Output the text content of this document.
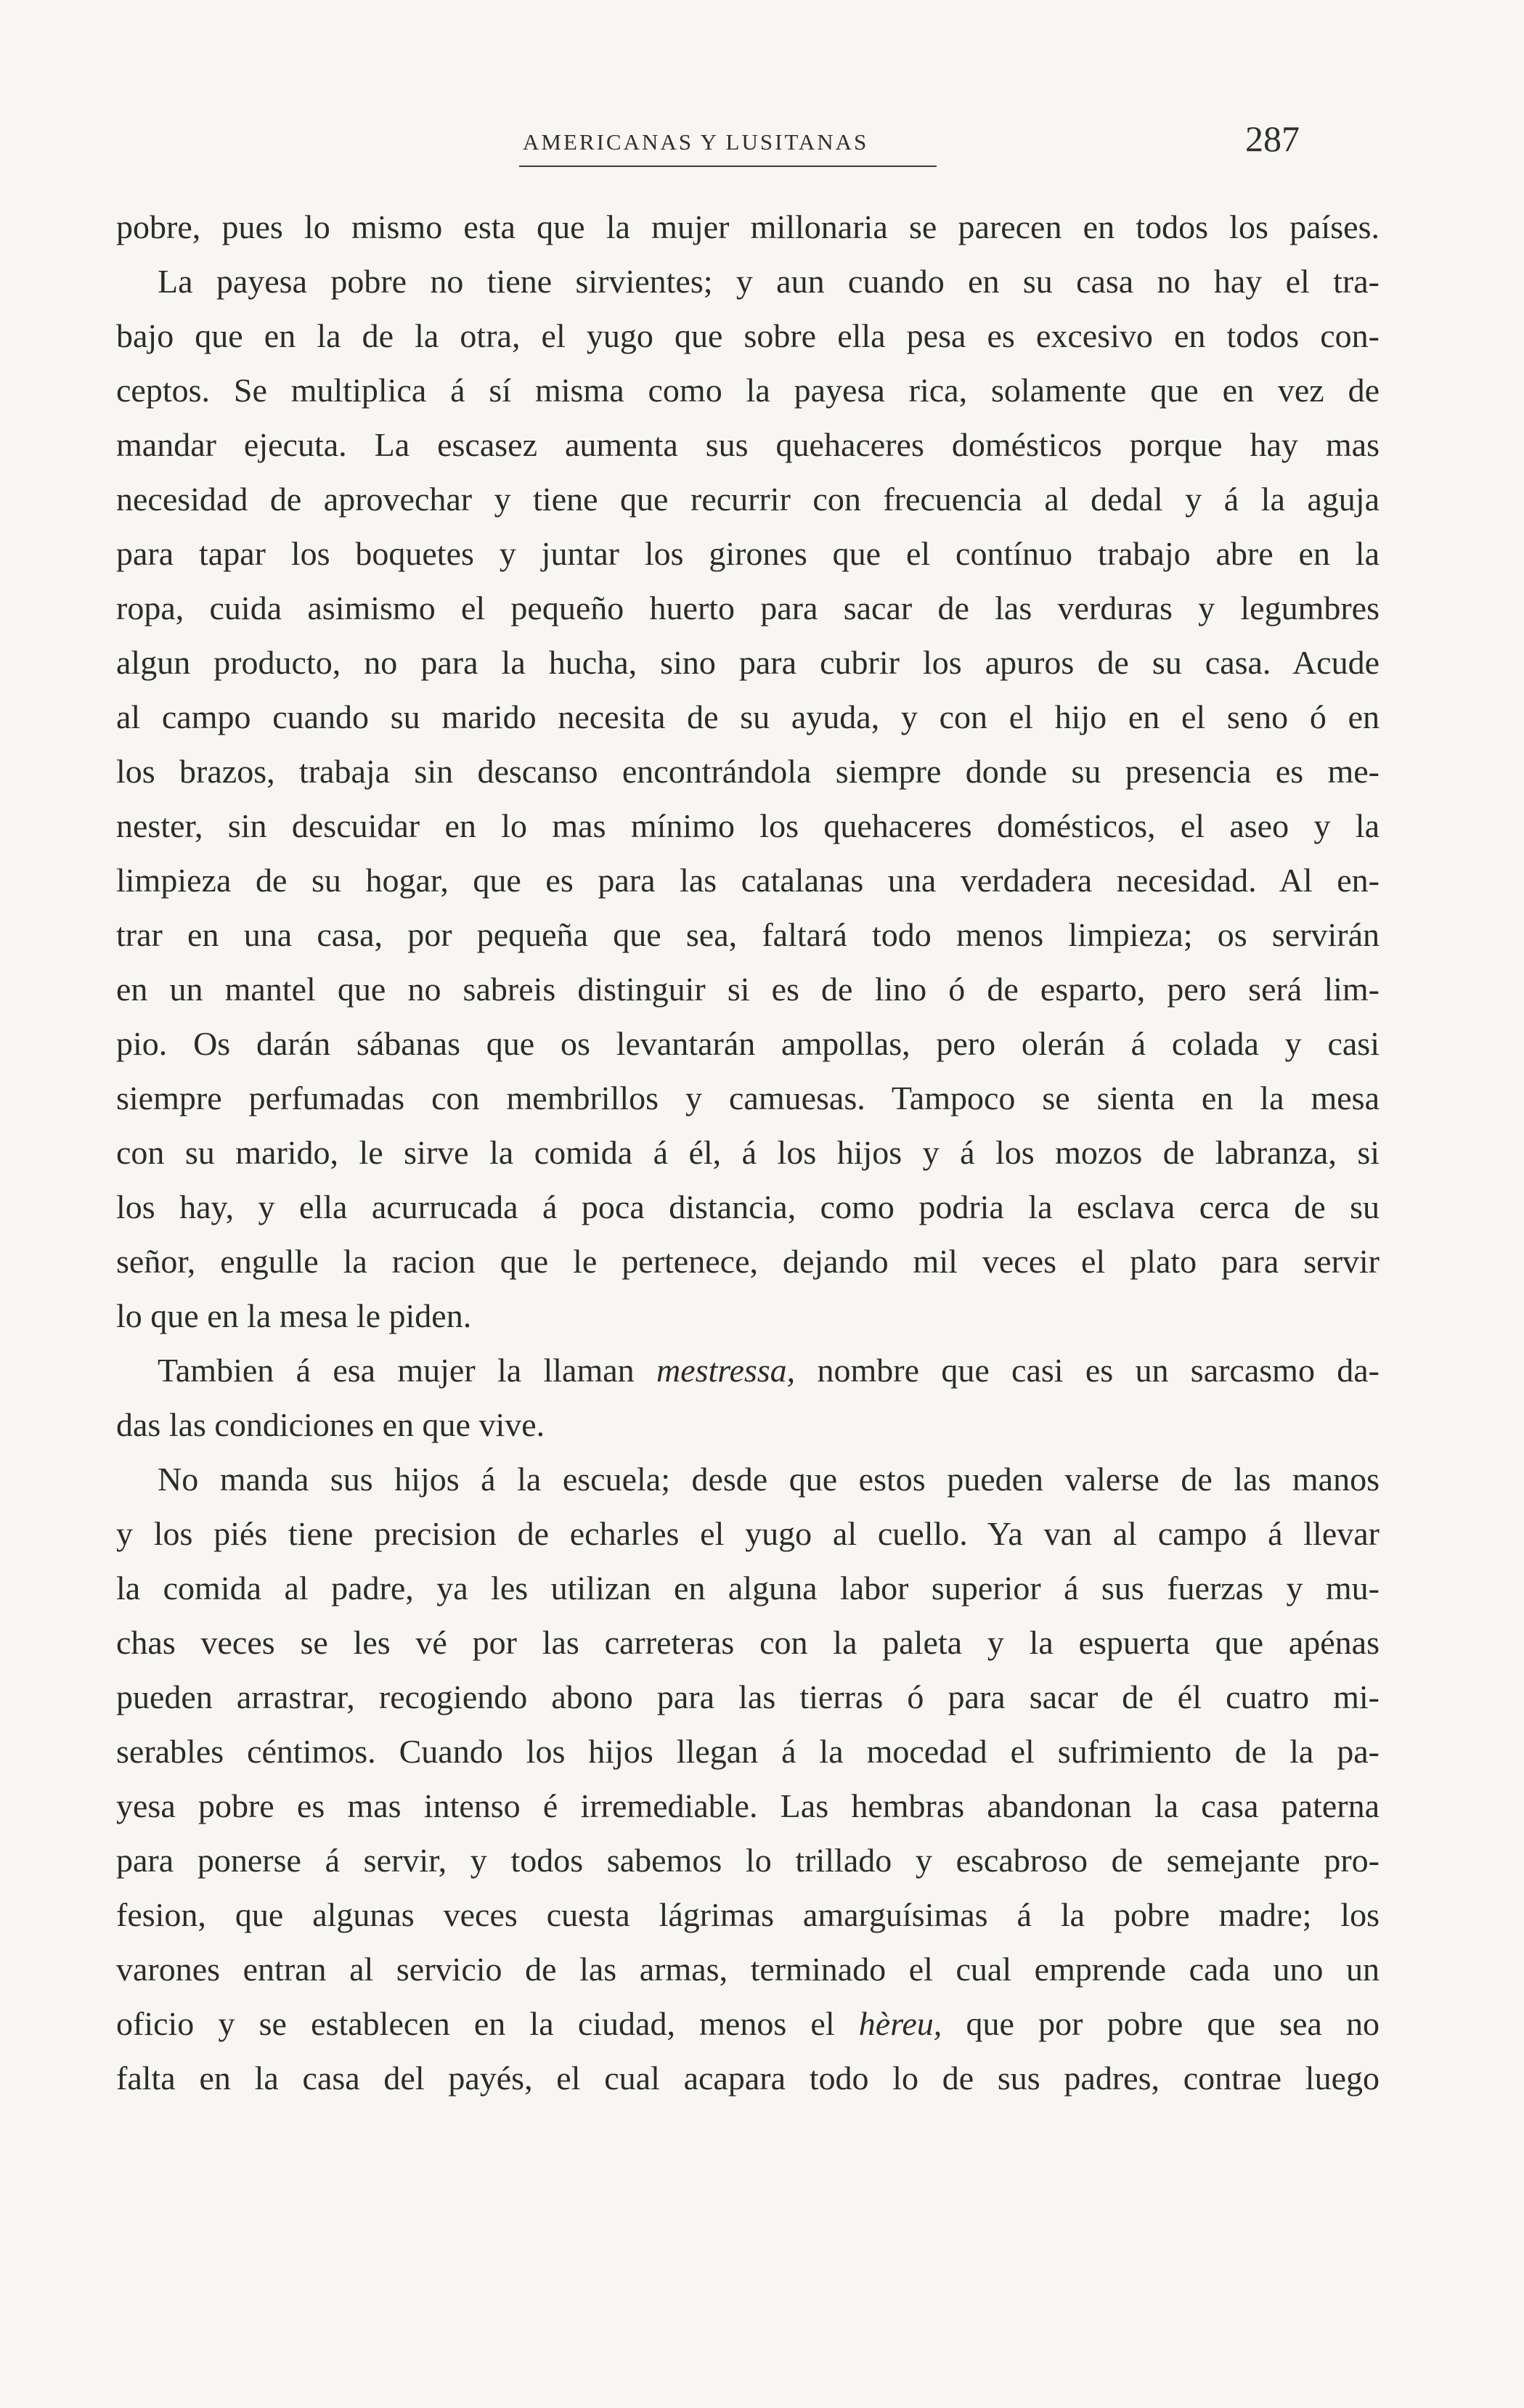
AMERICANAS Y LUSITANAS	287
pobre, pues lo mismo esta que la mujer millonaria se parecen en todos los países.
La payesa pobre no tiene sirvientes; y aun cuando en su casa no hay el tra-
bajo que en la de la otra, el yugo que sobre ella pesa es excesivo en todos con-
ceptos. Se multiplica á sí misma como la payesa rica, solamente que en vez de
mandar ejecuta. La escasez aumenta sus quehaceres domésticos porque hay mas
necesidad de aprovechar y tiene que recurrir con frecuencia al dedal y á la aguja
para tapar los boquetes y juntar los girones que el contínuo trabajo abre en la
ropa, cuida asimismo el pequeño huerto para sacar de las verduras y legumbres
algun producto, no para la hucha, sino para cubrir los apuros de su casa. Acude
al campo cuando su marido necesita de su ayuda, y con el hijo en el seno ó en
los brazos, trabaja sin descanso encontrándola siempre donde su presencia es me-
nester, sin descuidar en lo mas mínimo los quehaceres domésticos, el aseo y la
limpieza de su hogar, que es para las catalanas una verdadera necesidad. Al en-
trar en una casa, por pequeña que sea, faltará todo menos limpieza; os servirán
en un mantel que no sabreis distinguir si es de lino ó de esparto, pero será lim-
pio. Os darán sábanas que os levantarán ampollas, pero olerán á colada y casi
siempre perfumadas con membrillos y camuesas. Tampoco se sienta en la mesa
con su marido, le sirve la comida á él, á los hijos y á los mozos de labranza, si
los hay, y ella acurrucada á poca distancia, como podria la esclava cerca de su
señor, engulle la racion que le pertenece, dejando mil veces el plato para servir
lo que en la mesa le piden.
Tambien á esa mujer la llaman mestressa, nombre que casi es un sarcasmo da-
das las condiciones en que vive.
No manda sus hijos á la escuela; desde que estos pueden valerse de las manos
y los piés tiene precision de echarles el yugo al cuello. Ya van al campo á llevar
la comida al padre, ya les utilizan en alguna labor superior á sus fuerzas y mu-
chas veces se les vé por las carreteras con la paleta y la espuerta que apénas
pueden arrastrar, recogiendo abono para las tierras ó para sacar de él cuatro mi-
serables céntimos. Cuando los hijos llegan á la mocedad el sufrimiento de la pa-
yesa pobre es mas intenso é irremediable. Las hembras abandonan la casa paterna
para ponerse á servir, y todos sabemos lo trillado y escabroso de semejante pro-
fesion, que algunas veces cuesta lágrimas amarguísimas á la pobre madre; los
varones entran al servicio de las armas, terminado el cual emprende cada uno un
oficio y se establecen en la ciudad, menos el hèreu, que por pobre que sea no
falta en la casa del payés, el cual acapara todo lo de sus padres, contrae luego
